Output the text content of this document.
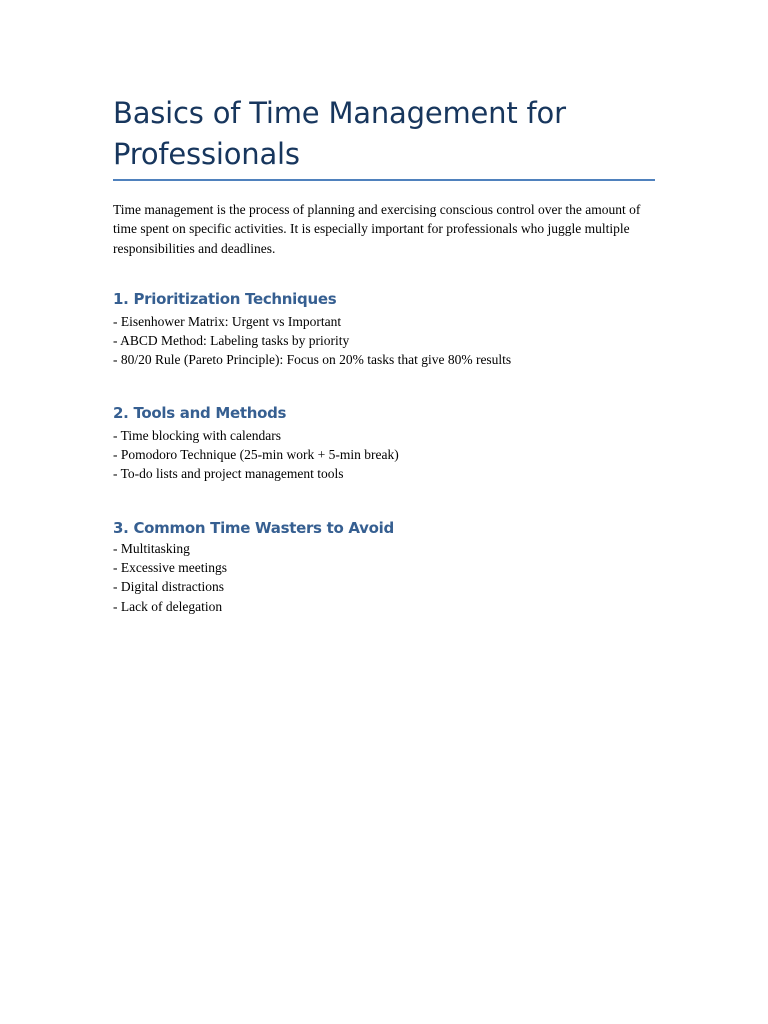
Basics of Time Management for Professionals

Time management is the process of planning and exercising conscious control over the amount of time spent on specific activities. It is especially important for professionals who juggle multiple responsibilities and deadlines.

1. Prioritization Techniques
- Eisenhower Matrix: Urgent vs Important
- ABCD Method: Labeling tasks by priority
- 80/20 Rule (Pareto Principle): Focus on 20% tasks that give 80% results
2. Tools and Methods
- Time blocking with calendars
- Pomodoro Technique (25-min work + 5-min break)
- To-do lists and project management tools
3. Common Time Wasters to Avoid
- Multitasking
- Excessive meetings
- Digital distractions
- Lack of delegation
